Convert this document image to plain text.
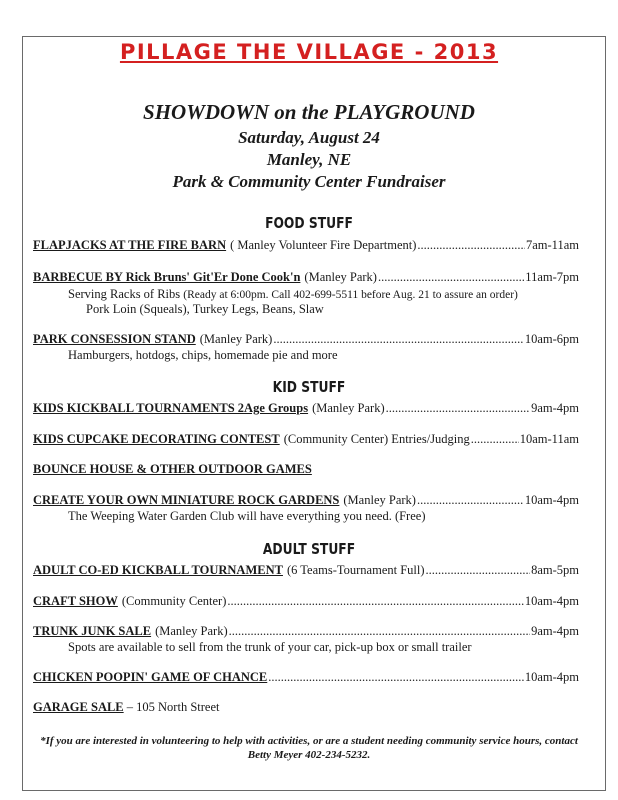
PILLAGE THE VILLAGE - 2013
SHOWDOWN on the PLAYGROUND
Saturday, August 24
Manley, NE
Park & Community Center Fundraiser
FOOD STUFF
FLAPJACKS AT THE FIRE BARN ( Manley Volunteer Fire Department) .....	7am-11am
BARBECUE BY Rick Bruns' Git'Er Done Cook'n (Manley Park) .....	11am-7pm
Serving Racks of Ribs (Ready at 6:00pm. Call 402-699-5511 before Aug. 21 to assure an order)
Pork Loin (Squeals), Turkey Legs, Beans, Slaw
PARK CONSESSION STAND (Manley Park) .....	10am-6pm
Hamburgers, hotdogs, chips, homemade pie and more
KID STUFF
KIDS KICKBALL TOURNAMENTS 2Age Groups (Manley Park) .....	9am-4pm
KIDS CUPCAKE DECORATING CONTEST (Community Center) Entries/Judging .....	10am-11am
BOUNCE HOUSE & OTHER OUTDOOR GAMES
CREATE YOUR OWN MINIATURE ROCK GARDENS (Manley Park) .....	10am-4pm
The Weeping Water Garden Club will have everything you need. (Free)
ADULT STUFF
ADULT CO-ED KICKBALL TOURNAMENT (6 Teams-Tournament Full) .....	8am-5pm
CRAFT SHOW (Community Center) .....	10am-4pm
TRUNK JUNK SALE (Manley Park) .....	9am-4pm
Spots are available to sell from the trunk of your car, pick-up box or small trailer
CHICKEN POOPIN' GAME OF CHANCE .....	10am-4pm
GARAGE SALE – 105 North Street
*If you are interested in volunteering to help with activities, or are a student needing community service hours, contact Betty Meyer 402-234-5232.
